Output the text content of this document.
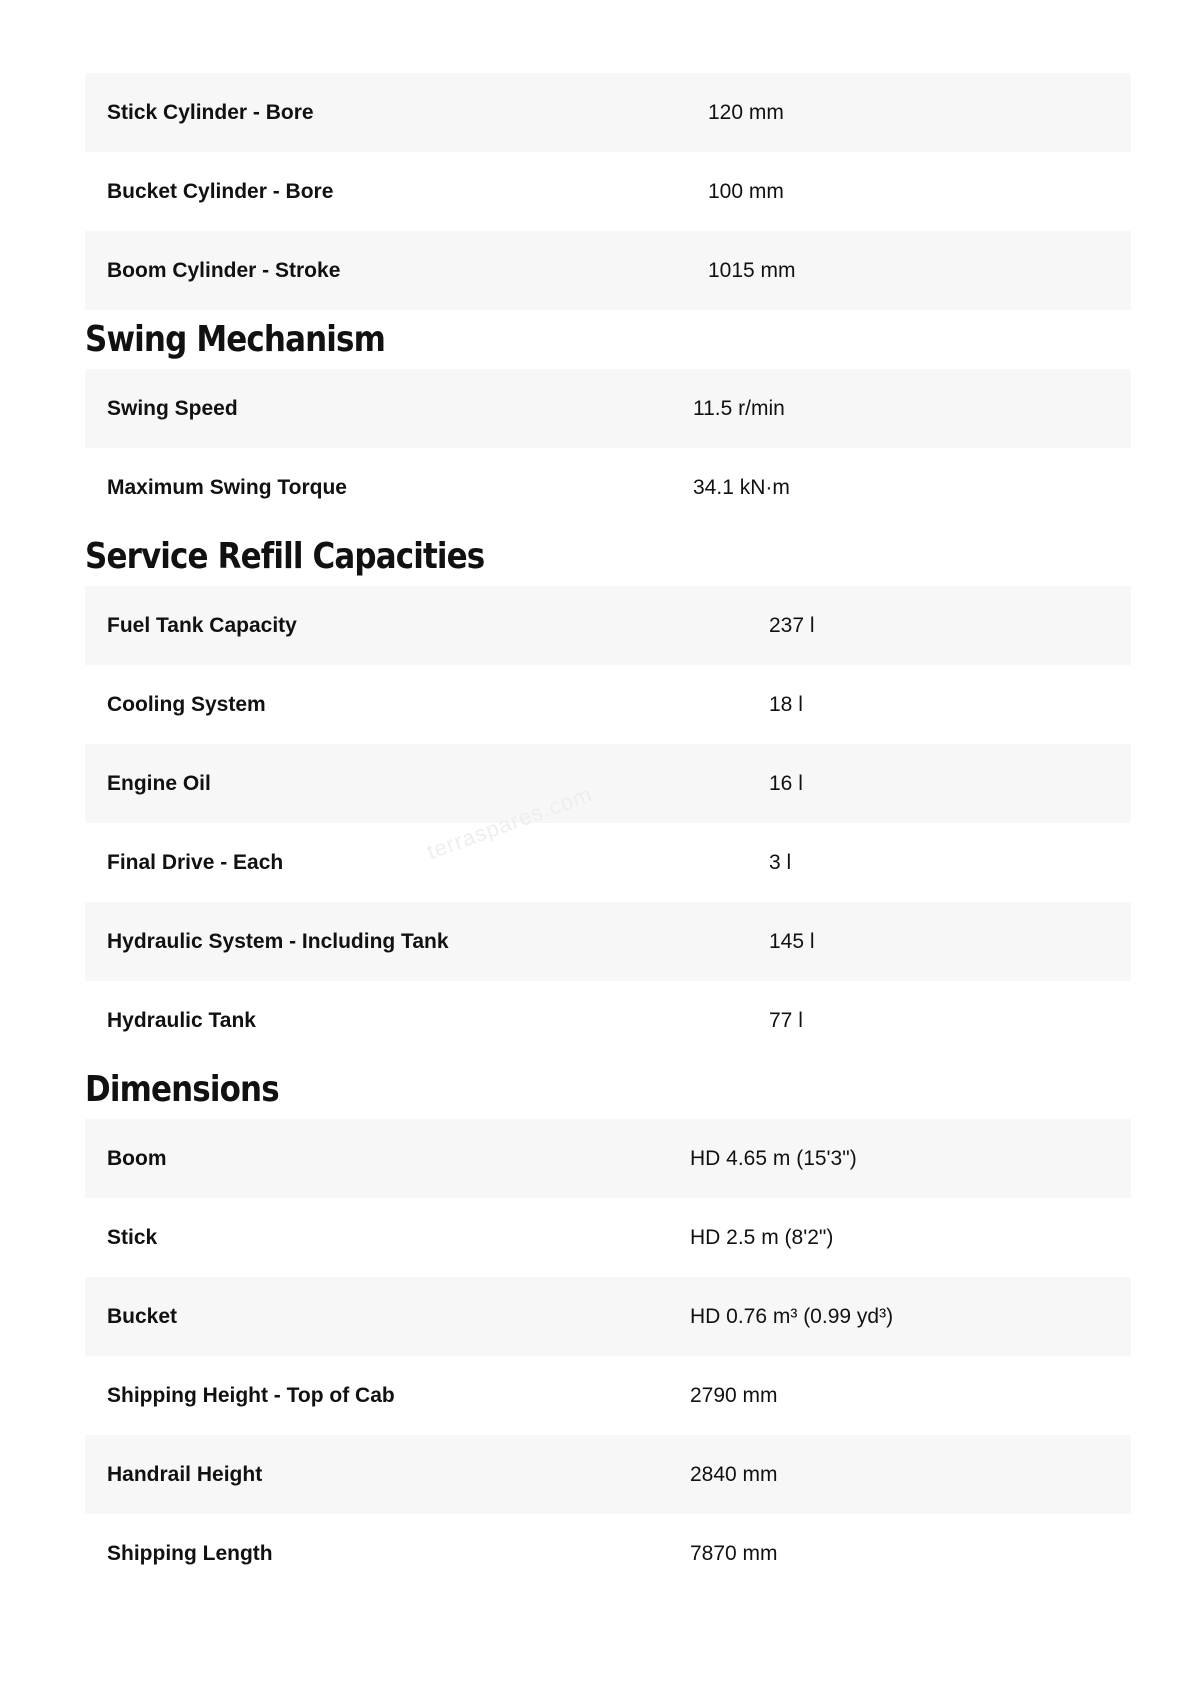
Stick Cylinder - Bore	120 mm
Bucket Cylinder - Bore	100 mm
Boom Cylinder - Stroke	1015 mm
Swing Mechanism
Swing Speed	11.5 r/min
Maximum Swing Torque	34.1 kN·m
Service Refill Capacities
Fuel Tank Capacity	237 l
Cooling System	18 l
Engine Oil	16 l
Final Drive - Each	3 l
Hydraulic System - Including Tank	145 l
Hydraulic Tank	77 l
Dimensions
Boom	HD 4.65 m (15'3")
Stick	HD 2.5 m (8'2")
Bucket	HD 0.76 m³ (0.99 yd³)
Shipping Height - Top of Cab	2790 mm
Handrail Height	2840 mm
Shipping Length	7870 mm
terraspares.com
